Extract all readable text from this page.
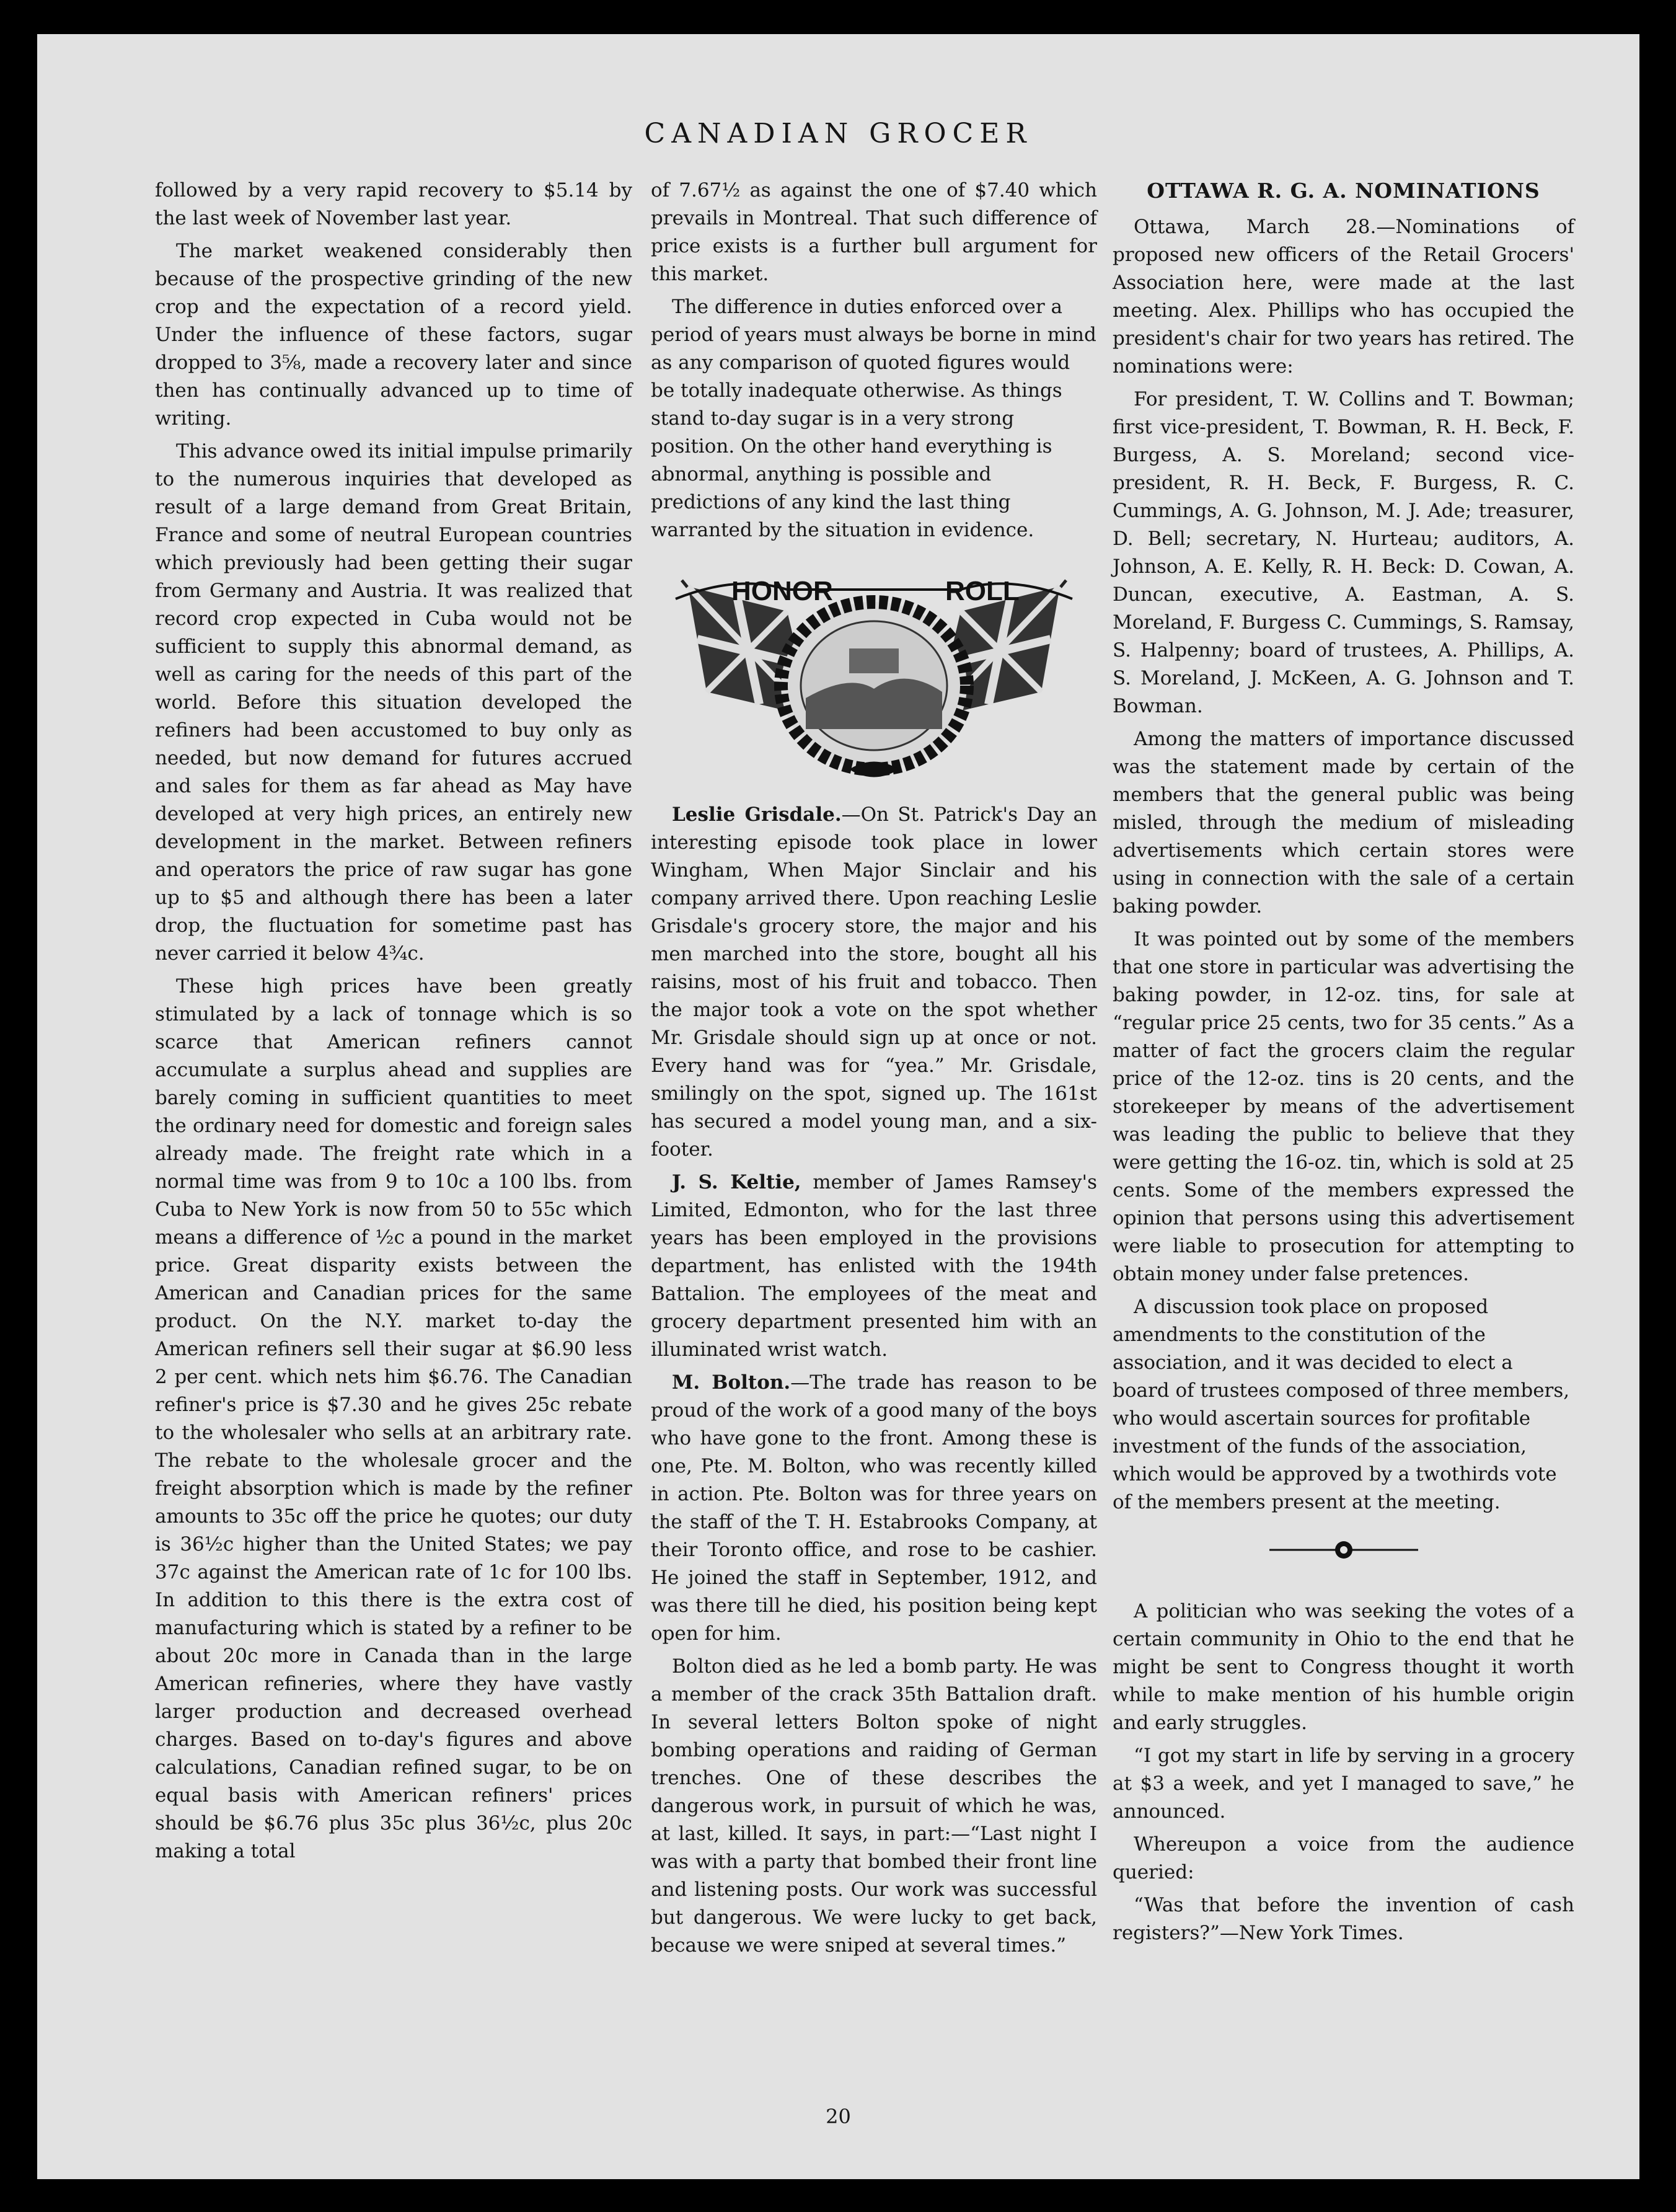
CANADIAN GROCER

followed by a very rapid recovery to $5.14 by the last week of November last year.

The market weakened considerably then because of the prospective grinding of the new crop and the expectation of a record yield. Under the influence of these factors, sugar dropped to 3⅝, made a recovery later and since then has continually advanced up to time of writing.

This advance owed its initial impulse primarily to the numerous inquiries that developed as result of a large demand from Great Britain, France and some of neutral European countries which previously had been getting their sugar from Germany and Austria. It was realized that record crop expected in Cuba would not be sufficient to supply this abnormal demand, as well as caring for the needs of this part of the world. Before this situation developed the refiners had been accustomed to buy only as needed, but now demand for futures accrued and sales for them as far ahead as May have developed at very high prices, an entirely new development in the market. Between refiners and operators the price of raw sugar has gone up to $5 and although there has been a later drop, the fluctuation for sometime past has never carried it below 4¾c.

These high prices have been greatly stimulated by a lack of tonnage which is so scarce that American refiners cannot accumulate a surplus ahead and supplies are barely coming in sufficient quantities to meet the ordinary need for domestic and foreign sales already made. The freight rate which in a normal time was from 9 to 10c a 100 lbs. from Cuba to New York is now from 50 to 55c which means a difference of ½c a pound in the market price. Great disparity exists between the American and Canadian prices for the same product. On the N.Y. market to-day the American refiners sell their sugar at $6.90 less 2 per cent. which nets him $6.76. The Canadian refiner's price is $7.30 and he gives 25c rebate to the wholesaler who sells at an arbitrary rate. The rebate to the wholesale grocer and the freight absorption which is made by the refiner amounts to 35c off the price he quotes; our duty is 36½c higher than the United States; we pay 37c against the American rate of 1c for 100 lbs. In addition to this there is the extra cost of manufacturing which is stated by a refiner to be about 20c more in Canada than in the large American refineries, where they have vastly larger production and decreased overhead charges. Based on to-day's figures and above calculations, Canadian refined sugar, to be on equal basis with American refiners' prices should be $6.76 plus 35c plus 36½c, plus 20c making a total

of 7.67½ as against the one of $7.40 which prevails in Montreal. That such difference of price exists is a further bull argument for this market.

The difference in duties enforced over a period of years must always be borne in mind as any comparison of quoted figures would be totally inadequate otherwise. As things stand to-day sugar is in a very strong position. On the other hand everything is abnormal, anything is possible and predictions of any kind the last thing warranted by the situation in evidence.

HONOR	ROLL

Leslie Grisdale.—On St. Patrick's Day an interesting episode took place in lower Wingham, When Major Sinclair and his company arrived there. Upon reaching Leslie Grisdale's grocery store, the major and his men marched into the store, bought all his raisins, most of his fruit and tobacco. Then the major took a vote on the spot whether Mr. Grisdale should sign up at once or not. Every hand was for “yea.” Mr. Grisdale, smilingly on the spot, signed up. The 161st has secured a model young man, and a six-footer.

J. S. Keltie, member of James Ramsey's Limited, Edmonton, who for the last three years has been employed in the provisions department, has enlisted with the 194th Battalion. The employees of the meat and grocery department presented him with an illuminated wrist watch.

M. Bolton.—The trade has reason to be proud of the work of a good many of the boys who have gone to the front. Among these is one, Pte. M. Bolton, who was recently killed in action. Pte. Bolton was for three years on the staff of the T. H. Estabrooks Company, at their Toronto office, and rose to be cashier. He joined the staff in September, 1912, and was there till he died, his position being kept open for him.

Bolton died as he led a bomb party. He was a member of the crack 35th Battalion draft. In several letters Bolton spoke of night bombing operations and raiding of German trenches. One of these describes the dangerous work, in pursuit of which he was, at last, killed. It says, in part:—“Last night I was with a party that bombed their front line and listening posts. Our work was successful but dangerous. We were lucky to get back, because we were sniped at several times.”

OTTAWA R. G. A. NOMINATIONS

Ottawa, March 28.—Nominations of proposed new officers of the Retail Grocers' Association here, were made at the last meeting. Alex. Phillips who has occupied the president's chair for two years has retired. The nominations were:

For president, T. W. Collins and T. Bowman; first vice-president, T. Bowman, R. H. Beck, F. Burgess, A. S. Moreland; second vice-president, R. H. Beck, F. Burgess, R. C. Cummings, A. G. Johnson, M. J. Ade; treasurer, D. Bell; secretary, N. Hurteau; auditors, A. Johnson, A. E. Kelly, R. H. Beck: D. Cowan, A. Duncan, executive, A. Eastman, A. S. Moreland, F. Burgess C. Cummings, S. Ramsay, S. Halpenny; board of trustees, A. Phillips, A. S. Moreland, J. McKeen, A. G. Johnson and T. Bowman.

Among the matters of importance discussed was the statement made by certain of the members that the general public was being misled, through the medium of misleading advertisements which certain stores were using in connection with the sale of a certain baking powder.

It was pointed out by some of the members that one store in particular was advertising the baking powder, in 12-oz. tins, for sale at “regular price 25 cents, two for 35 cents.” As a matter of fact the grocers claim the regular price of the 12-oz. tins is 20 cents, and the storekeeper by means of the advertisement was leading the public to believe that they were getting the 16-oz. tin, which is sold at 25 cents. Some of the members expressed the opinion that persons using this advertisement were liable to prosecution for attempting to obtain money under false pretences.

A discussion took place on proposed amendments to the constitution of the association, and it was decided to elect a board of trustees composed of three members, who would ascertain sources for profitable investment of the funds of the association, which would be approved by a twothirds vote of the members present at the meeting.

A politician who was seeking the votes of a certain community in Ohio to the end that he might be sent to Congress thought it worth while to make mention of his humble origin and early struggles.

“I got my start in life by serving in a grocery at $3 a week, and yet I managed to save,” he announced.

Whereupon a voice from the audience queried:

“Was that before the invention of cash registers?”—New York Times.

20
